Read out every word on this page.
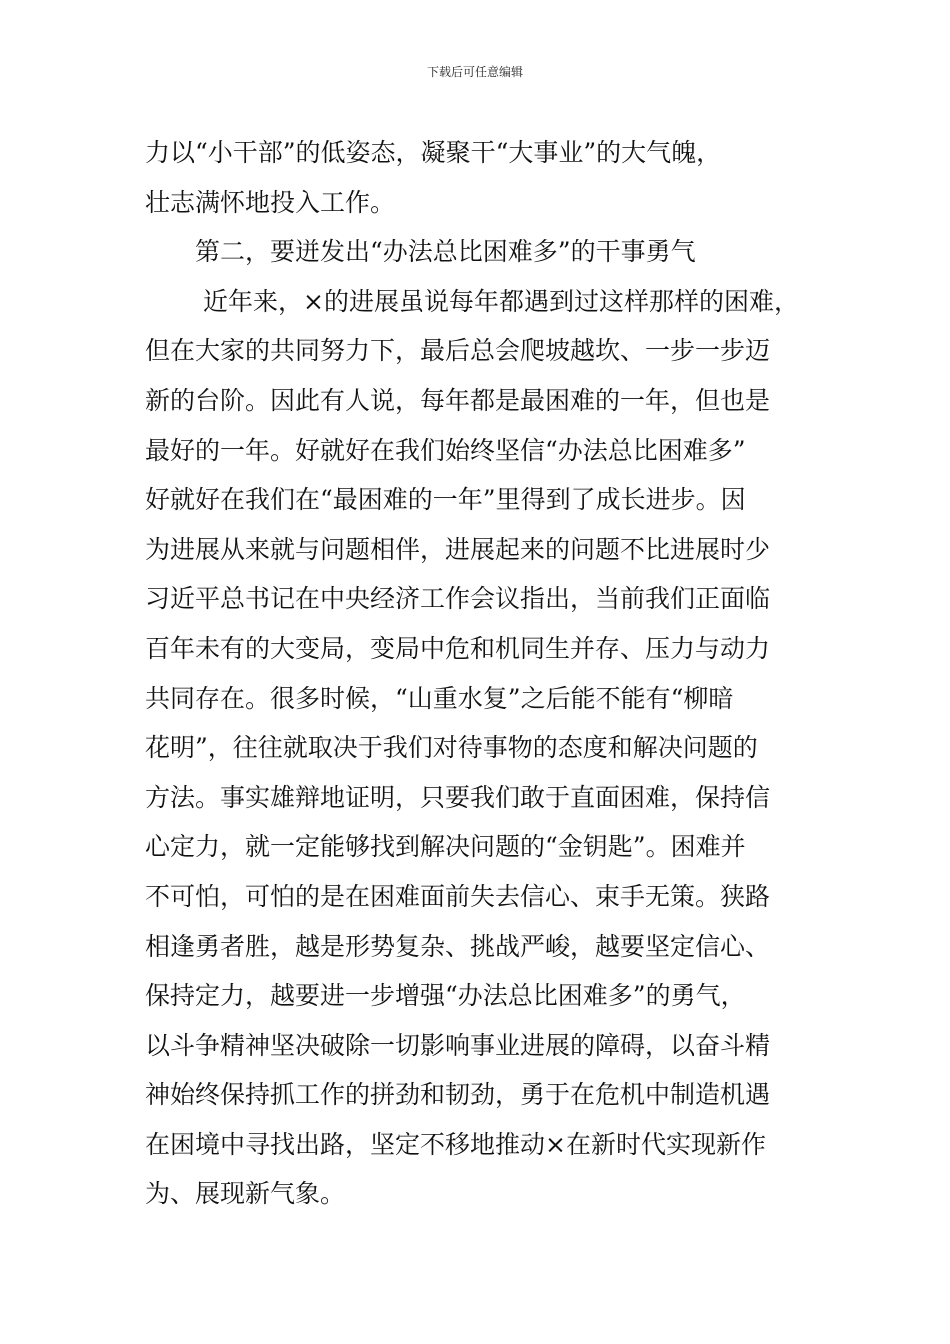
下载后可任意编辑
力以“小干部”的低姿态，凝聚干“大事业”的大气魄，
壮志满怀地投入工作。
第二，要迸发出“办法总比困难多”的干事勇气
近年来，×的进展虽说每年都遇到过这样那样的困难，
但在大家的共同努力下，最后总会爬坡越坎、一步一步迈
新的台阶。因此有人说，每年都是最困难的一年，但也是
最好的一年。好就好在我们始终坚信“办法总比困难多”
好就好在我们在“最困难的一年”里得到了成长进步。因
为进展从来就与问题相伴，进展起来的问题不比进展时少
习近平总书记在中央经济工作会议指出，当前我们正面临
百年未有的大变局，变局中危和机同生并存、压力与动力
共同存在。很多时候，“山重水复”之后能不能有“柳暗
花明”，往往就取决于我们对待事物的态度和解决问题的
方法。事实雄辩地证明，只要我们敢于直面困难，保持信
心定力，就一定能够找到解决问题的“金钥匙”。困难并
不可怕，可怕的是在困难面前失去信心、束手无策。狭路
相逢勇者胜，越是形势复杂、挑战严峻，越要坚定信心、
保持定力，越要进一步增强“办法总比困难多”的勇气，
以斗争精神坚决破除一切影响事业进展的障碍，以奋斗精
神始终保持抓工作的拼劲和韧劲，勇于在危机中制造机遇
在困境中寻找出路，坚定不移地推动×在新时代实现新作
为、展现新气象。
